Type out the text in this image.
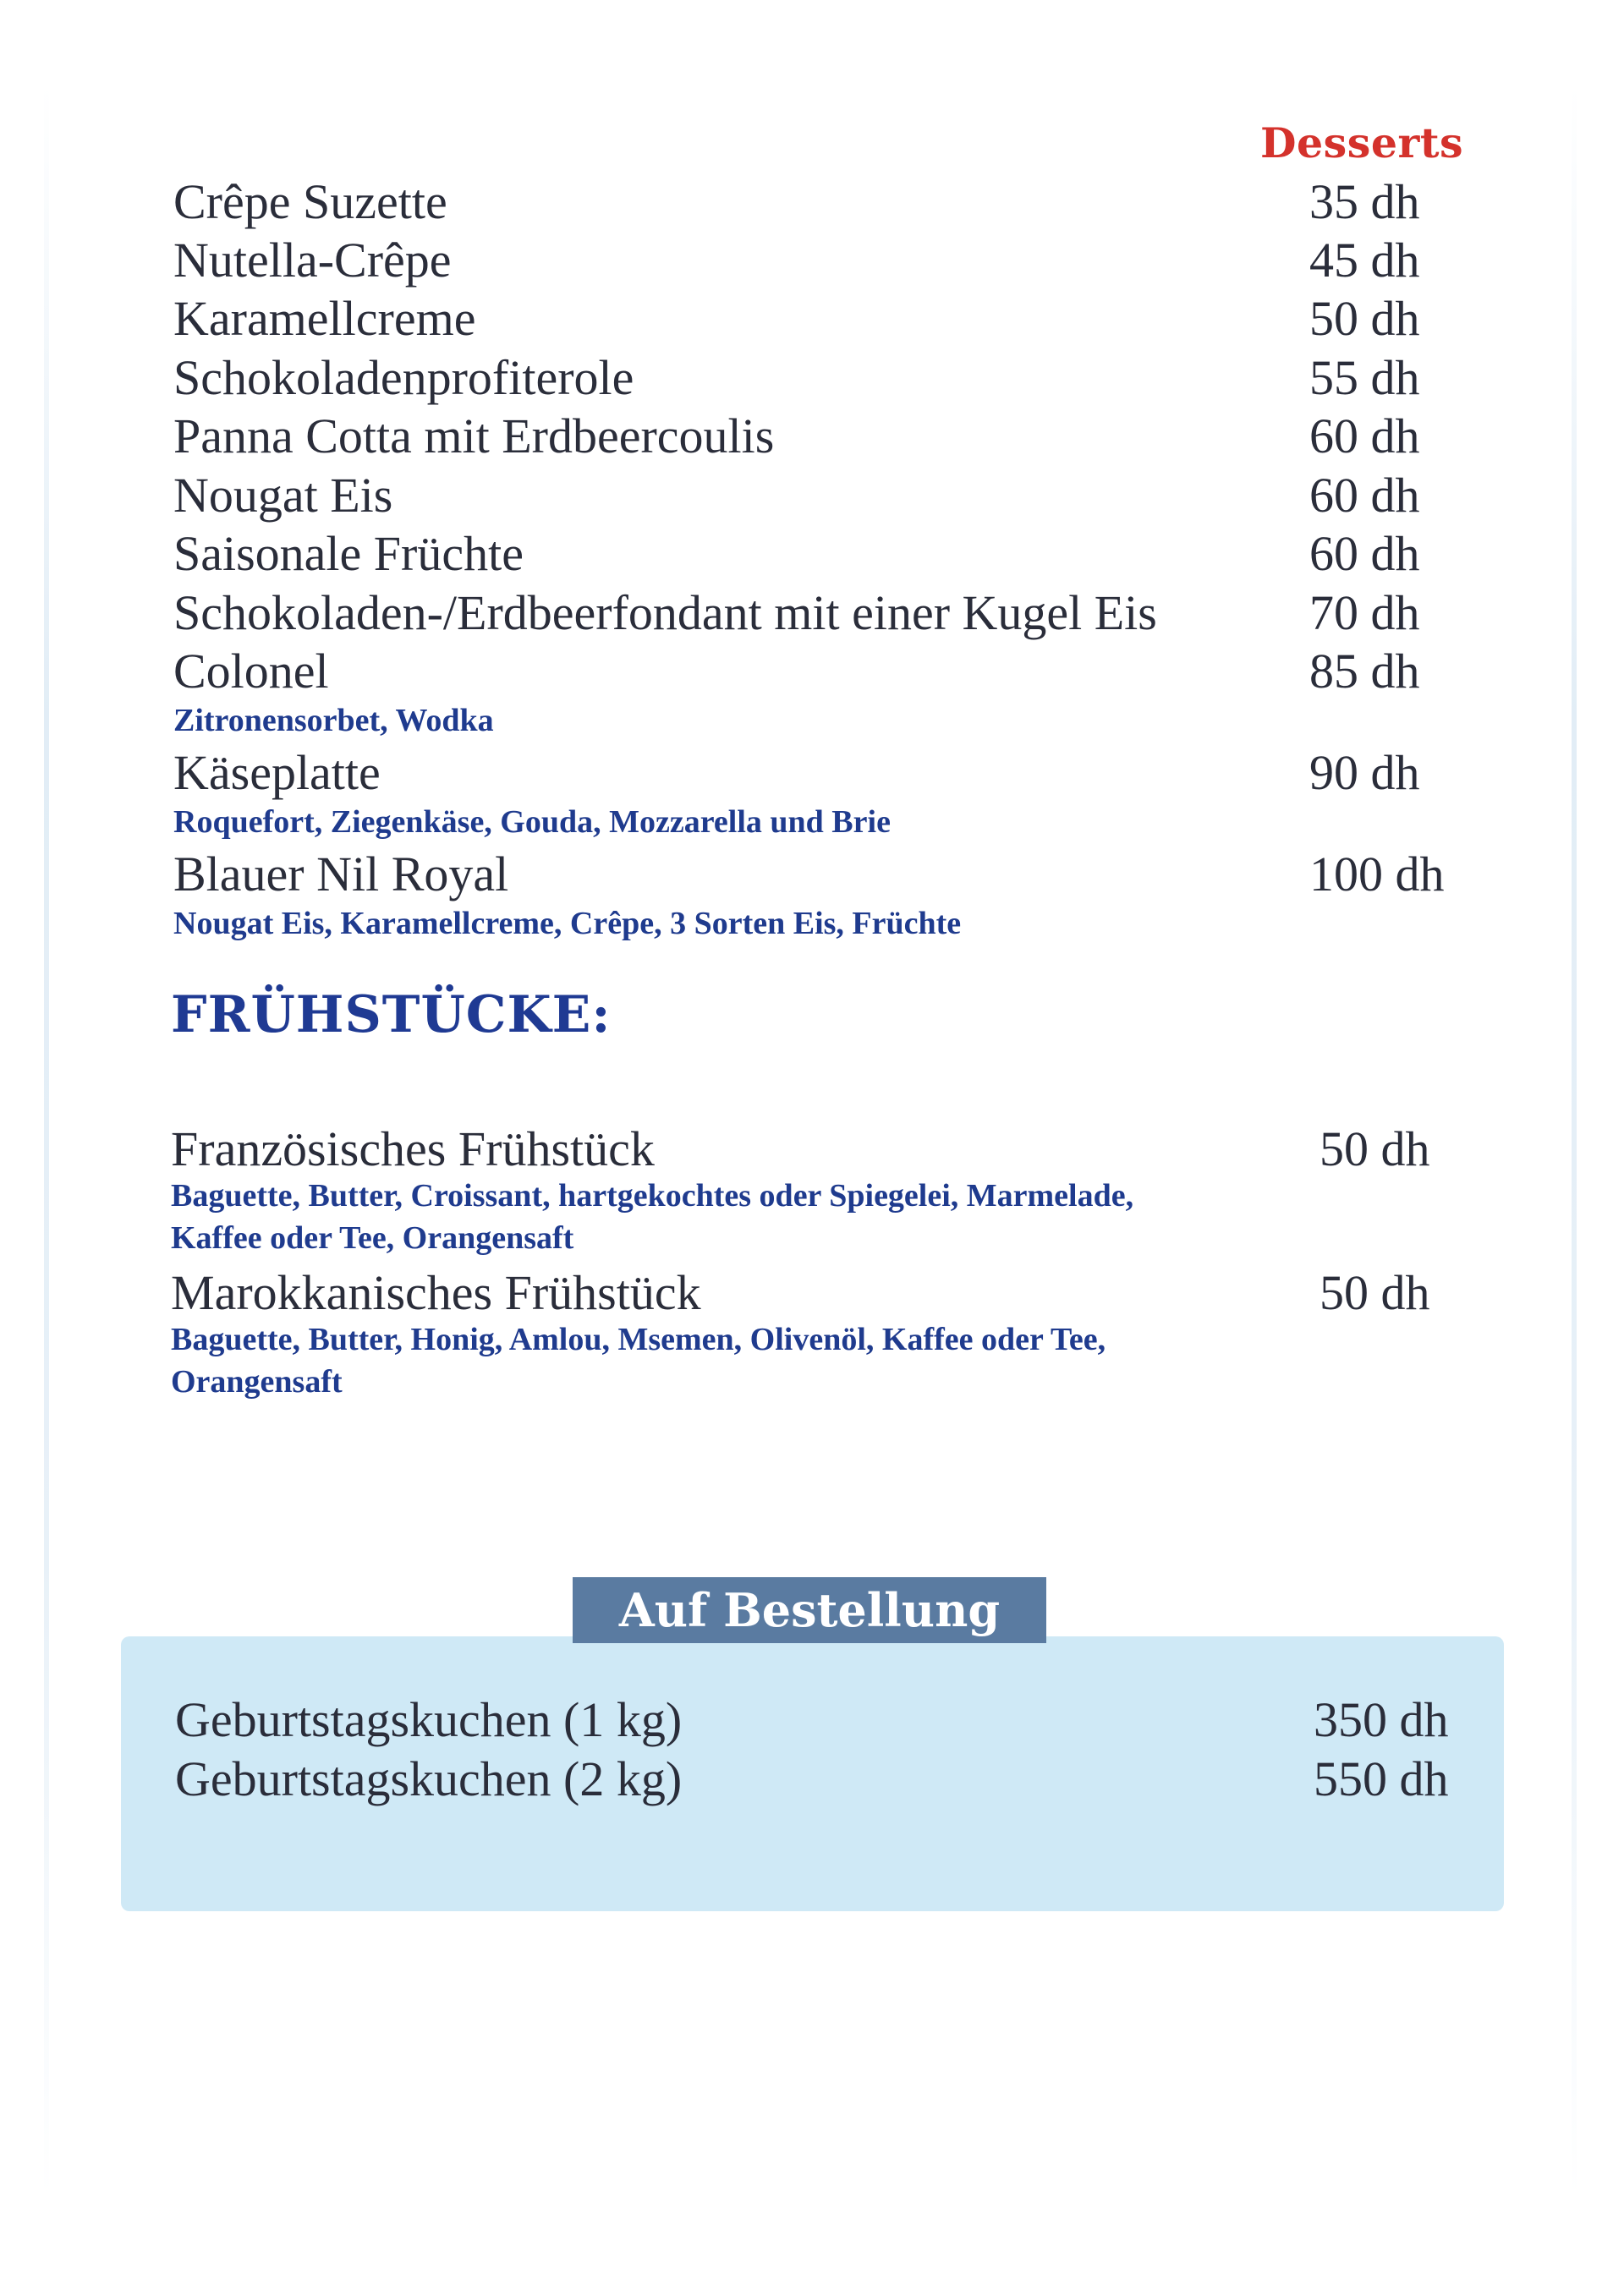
Desserts
Crêpe Suzette	35 dh
Nutella-Crêpe	45 dh
Karamellcreme	50 dh
Schokoladenprofiterole	55 dh
Panna Cotta mit Erdbeercoulis	60 dh
Nougat Eis	60 dh
Saisonale Früchte	60 dh
Schokoladen-/Erdbeerfondant mit einer Kugel Eis	70 dh
Colonel	85 dh
Zitronensorbet, Wodka
Käseplatte	90 dh
Roquefort, Ziegenkäse, Gouda, Mozzarella und Brie
Blauer Nil Royal	100 dh
Nougat Eis, Karamellcreme, Crêpe, 3 Sorten Eis, Früchte
FRÜHSTÜCKE:
Französisches Frühstück	50 dh
Baguette, Butter, Croissant, hartgekochtes oder Spiegelei, Marmelade,
Kaffee oder Tee, Orangensaft
Marokkanisches Frühstück	50 dh
Baguette, Butter, Honig, Amlou, Msemen, Olivenöl, Kaffee oder Tee,
Orangensaft
Auf Bestellung
Geburtstagskuchen (1 kg)	350 dh
Geburtstagskuchen (2 kg)	550 dh
